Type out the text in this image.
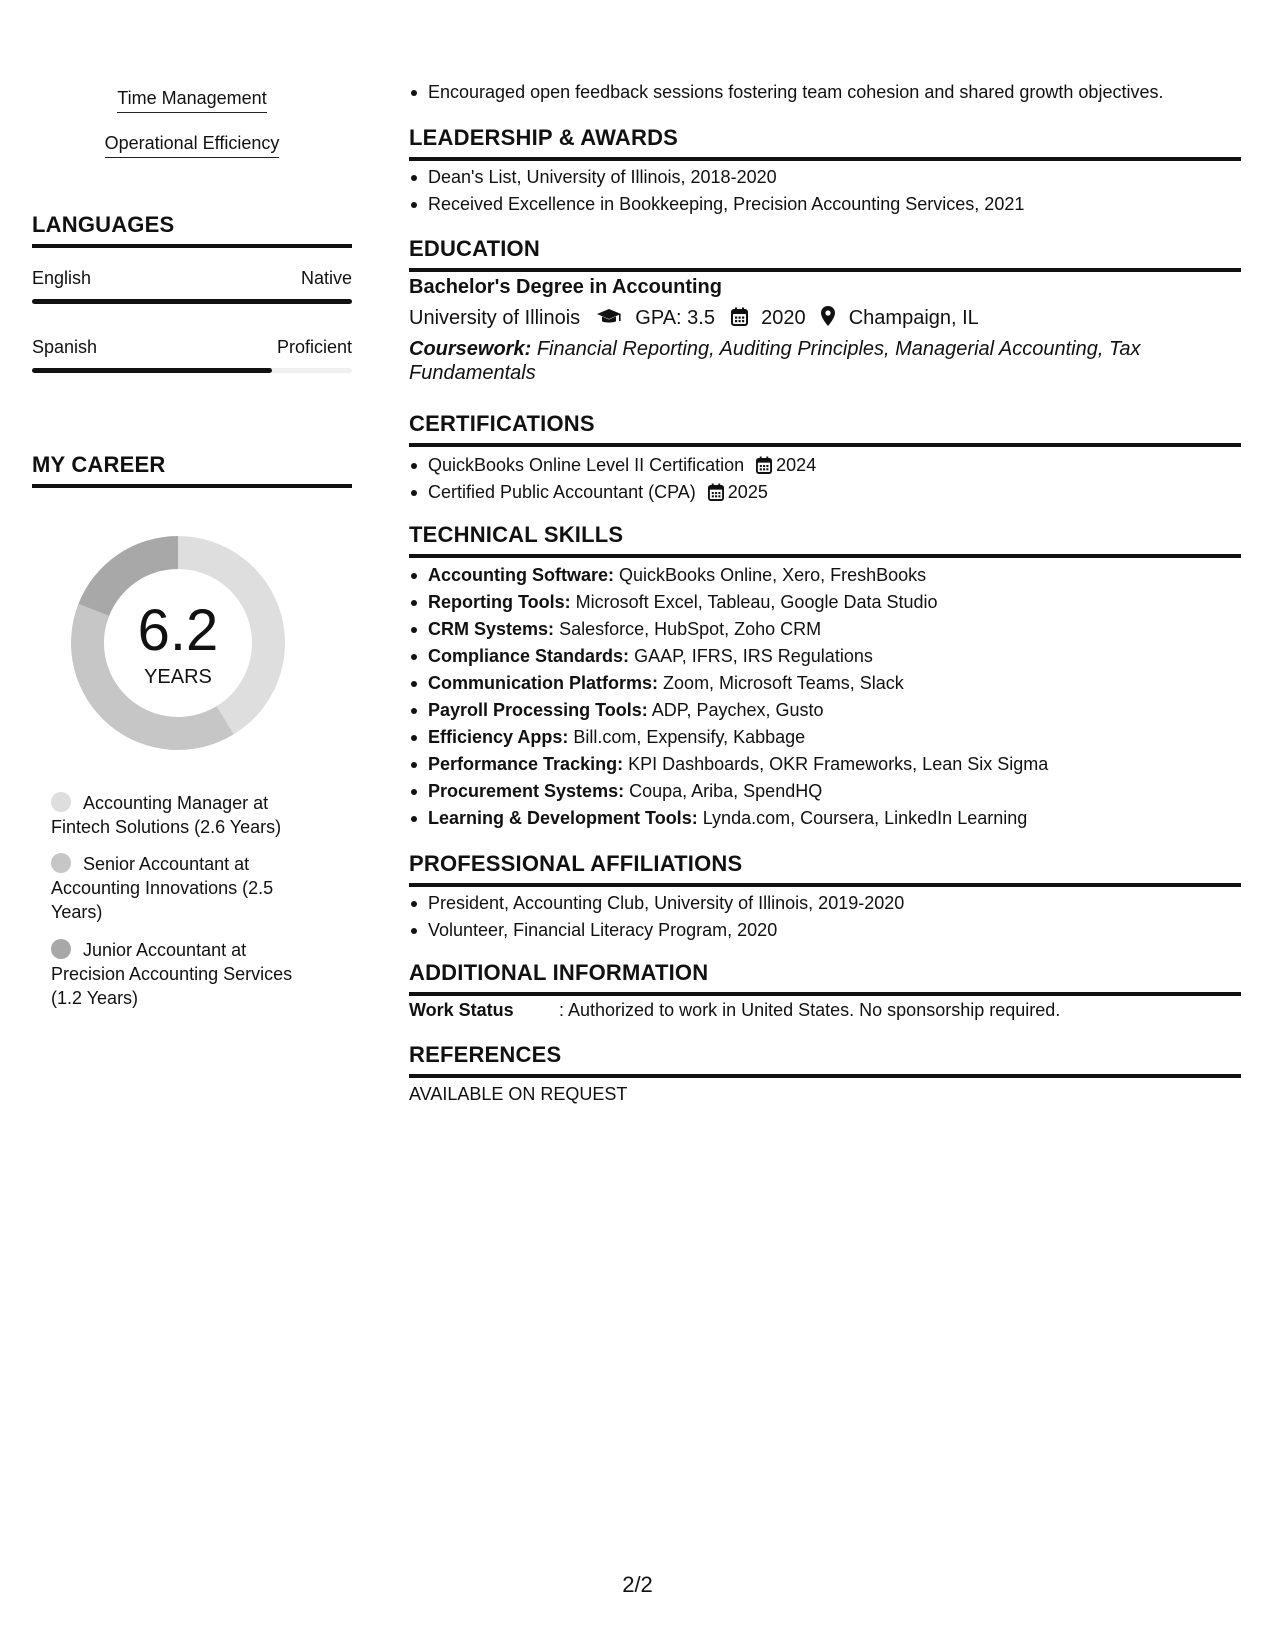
Time Management
Operational Efficiency
LANGUAGES
English	Native
Spanish	Proficient
MY CAREER
6.2
YEARS
Accounting Manager at Fintech Solutions (2.6 Years)
Senior Accountant at Accounting Innovations (2.5 Years)
Junior Accountant at Precision Accounting Services (1.2 Years)
Encouraged open feedback sessions fostering team cohesion and shared growth objectives.
LEADERSHIP & AWARDS
Dean's List, University of Illinois, 2018-2020
Received Excellence in Bookkeeping, Precision Accounting Services, 2021
EDUCATION
Bachelor's Degree in Accounting
University of Illinois	GPA: 3.5 2020 Champaign, IL
Coursework: Financial Reporting, Auditing Principles, Managerial Accounting, Tax Fundamentals
CERTIFICATIONS
QuickBooks Online Level II Certification 2024
Certified Public Accountant (CPA) 2025
TECHNICAL SKILLS
Accounting Software: QuickBooks Online, Xero, FreshBooks
Reporting Tools: Microsoft Excel, Tableau, Google Data Studio
CRM Systems: Salesforce, HubSpot, Zoho CRM
Compliance Standards: GAAP, IFRS, IRS Regulations
Communication Platforms: Zoom, Microsoft Teams, Slack
Payroll Processing Tools: ADP, Paychex, Gusto
Efficiency Apps: Bill.com, Expensify, Kabbage
Performance Tracking: KPI Dashboards, OKR Frameworks, Lean Six Sigma
Procurement Systems: Coupa, Ariba, SpendHQ
Learning & Development Tools: Lynda.com, Coursera, LinkedIn Learning
PROFESSIONAL AFFILIATIONS
President, Accounting Club, University of Illinois, 2019-2020
Volunteer, Financial Literacy Program, 2020
ADDITIONAL INFORMATION
Work Status	: Authorized to work in United States. No sponsorship required.
REFERENCES
AVAILABLE ON REQUEST
2/2
